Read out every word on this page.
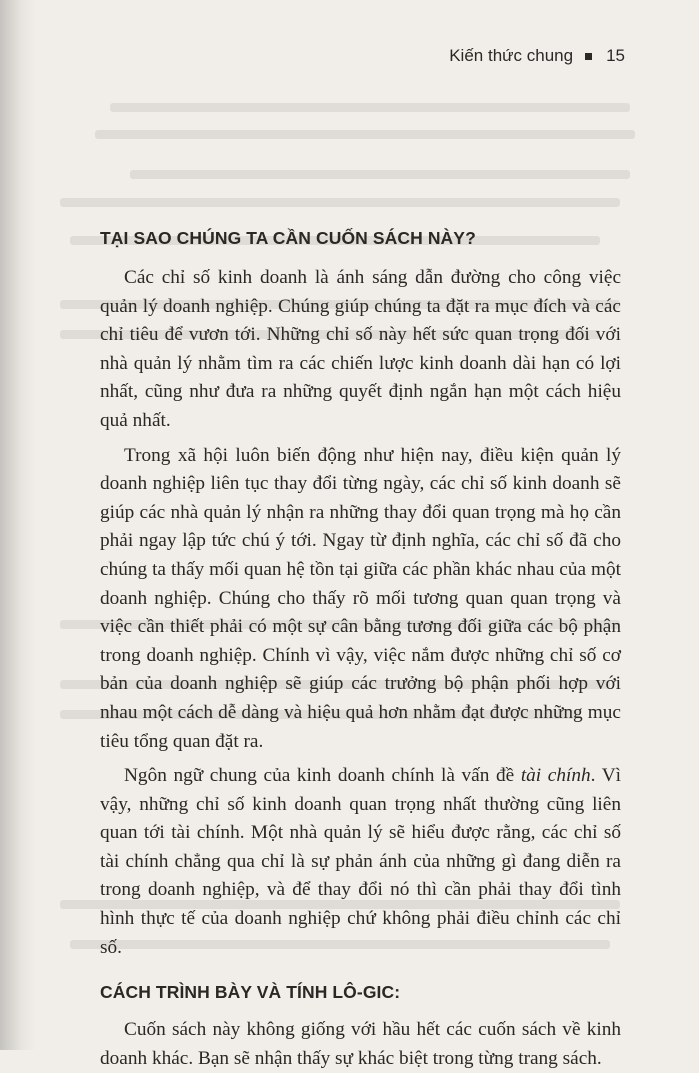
Kiến thức chung 15
TẠI SAO CHÚNG TA CẦN CUỐN SÁCH NÀY?

Các chỉ số kinh doanh là ánh sáng dẫn đường cho công việc quản lý doanh nghiệp. Chúng giúp chúng ta đặt ra mục đích và các chỉ tiêu để vươn tới. Những chỉ số này hết sức quan trọng đối với nhà quản lý nhằm tìm ra các chiến lược kinh doanh dài hạn có lợi nhất, cũng như đưa ra những quyết định ngắn hạn một cách hiệu quả nhất.

Trong xã hội luôn biến động như hiện nay, điều kiện quản lý doanh nghiệp liên tục thay đổi từng ngày, các chỉ số kinh doanh sẽ giúp các nhà quản lý nhận ra những thay đổi quan trọng mà họ cần phải ngay lập tức chú ý tới. Ngay từ định nghĩa, các chỉ số đã cho chúng ta thấy mối quan hệ tồn tại giữa các phần khác nhau của một doanh nghiệp. Chúng cho thấy rõ mối tương quan quan trọng và việc cần thiết phải có một sự cân bằng tương đối giữa các bộ phận trong doanh nghiệp. Chính vì vậy, việc nắm được những chỉ số cơ bản của doanh nghiệp sẽ giúp các trưởng bộ phận phối hợp với nhau một cách dễ dàng và hiệu quả hơn nhằm đạt được những mục tiêu tổng quan đặt ra.

Ngôn ngữ chung của kinh doanh chính là vấn đề tài chính. Vì vậy, những chỉ số kinh doanh quan trọng nhất thường cũng liên quan tới tài chính. Một nhà quản lý sẽ hiểu được rằng, các chỉ số tài chính chẳng qua chỉ là sự phản ánh của những gì đang diễn ra trong doanh nghiệp, và để thay đổi nó thì cần phải thay đổi tình hình thực tế của doanh nghiệp chứ không phải điều chỉnh các chỉ số.

CÁCH TRÌNH BÀY VÀ TÍNH LÔ-GIC:

Cuốn sách này không giống với hầu hết các cuốn sách về kinh doanh khác. Bạn sẽ nhận thấy sự khác biệt trong từng trang sách.
